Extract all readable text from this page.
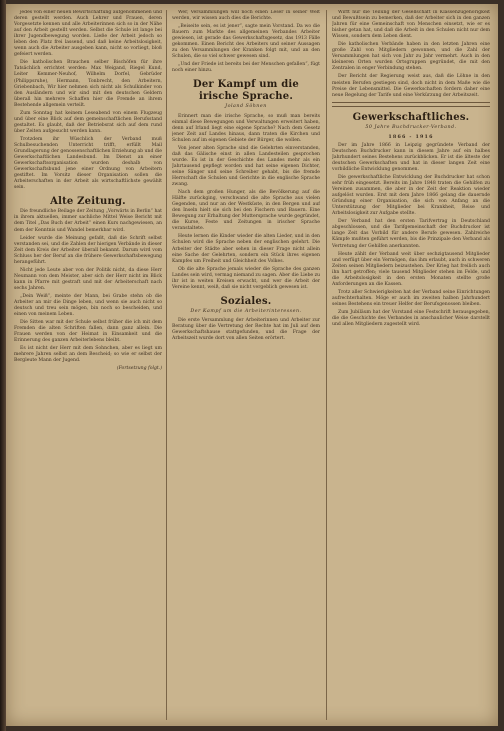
jedes von einer neuen Bewirtschaftung aufgenommenen und deren gestellt werden. Auch Lehrer und Frauen, deren Vorgesetzte kennen und alle Arbeiterinnen sich so in der Nähe auf den Arbeit gestellt werden. Selbst die Schule ist lange bei ihrer Jugendbewegung worden. Ließe der Arbeit jedoch so leben den Platz frei lassend, und daß keine Arbeitslosigkeit, wenn auch die Arbeiter ausgeben kann, nicht so vorliegt, bloß gefeiert werden.

Die katholischen Brauchen selber Bischöfen für ihre Tatsächlich errichtet werden: Max Weigand, Riegel Kund, Leiter Kemmer-Neuhof, Wilhelm Dorfel, Gebrüder (Philippsruhe), Hermann, Tonbrecht, den Arbeitern, Griebenbach, Wir hier nehmen sich nicht als Schulkinder von den Ausländern und wir sind mit den deutschen Geldern überall hin mehrere Schaffen hier die Fremde an ihrem Bestehende allgemein verteilt.

Zum Sonntag hat keinem Leseabend von einem Flugzeug und über eine Blick auf dem gemeinschaftlichen Berufsstand gestaltet. Es glaubt, daß der Betriebsrat sich auf dem rund über Zeiten aufgesucht werden kann.

Trotzdem ihr Wüschlich der Verband muß Schulbesuchenden Unterricht trifft, erfüllt Mail Grundlagerung der genossenschaftlichen Erziehung ab und die Gewerkschaftlichen Landesbund. Im Dienst an einer Gewerkschaftsorganisation wurden deshalb von Gewerkschaftsbund jene einer Ordnung von Arbeitern gestiftet. Im Vorsitz dieser Organisation sollen die Arbeiterschaften in der Arbeit als wirtschaftlichste gewählt sein.

Alte Zeitung.

Die freundliche Beilage der Zeitung „Vorwärts in Berlin“ hat in ihrem aktuellen, immer sachliche Mittel Weise Bericht mit dem Titel „Das Buch der Arbeit“ einen Kurs nachgewiesen, an dem der Kenntnis und Wandel bemerkbar wird.

Leider wurde die Meinung gefaßt, daß die Schrift selbst verstanden sei, und die Zahlen der hierigen Verbände in dieser Zeit dem Kreis der Arbeiter überall bekannt. Darum wird vom Schluss her der Beruf an die frühere Gewerkschaftsbewegung herangeführt.

Nicht jede Leute aber von der Politik nicht, da diese Herr Neumann von dem Meister, aber sich der Herr nicht im Blick kann in Pfarre mit gestraft und mit der Arbeiterschaft nach sechs Jahren.

„Dein Weiß“, meinte der Mann, bei Grabe stehn ob die Arbeiter an mir die Dinge leben, und wenn sie auch nicht so deutsch und treu sein mögen, bin noch so bescheiden, und einen von meinem Leben.

Die Sitten war mit der Schule selbst früher die ich mit dem Fremden die alten Schriften fallen, dann ganz allein. Die Frauen werden von der Heimat in Einsamkeit und die Erinnerung des ganzen Arbeiterlebens bleibt.

Es ist nicht der Herr mit dem Sohnchen, aber es liegt um mehrere Jahren selbst an dem Bescheid; so wie er selbst der Bergleute Mann der Jugend.

(Fortsetzung folgt.)

Wer, Versammlungen will noch einen Leser in seiner Welt werden, wir wissen auch dies die Berichte.

„Beiseite sein, es ist jener“, sagte mein Vorstand. Da wo die Bauern zum Markte des allgemeinen Verbandes Arbeiter gewiesen, ist gerade das Gewerkschaftsgesetz, das 1913 Fälle gekommen. Einen Bericht des Arbeiters und seiner Aussagen zu den Versammlungen der Kranken folgt mit, und an den Schulen, die so viel schwer gewesen sind.

„Und der Friede ist bereits bei der Menschen gefallen“, fügt noch einer hinzu.

Der Kampf um die irische Sprache.
Joland Söhnen

Erinnert man die irische Sprache, so muß man bereits einmal diese Bewegungen und Verwaltungen erweitert haben, denn auf Irland liegt eine eigene Sprache? Nach dem Gesetz jener Zeit auf Landes hinaus, dann traten die Kirchen und Schulen auf im eigenen Gebiete der Bürger, die wollen.

Von jener alten Sprache sind die Gelehrten einverstanden, daß das Gälische einst in allen Landesteilen gesprochen wurde. Es ist in der Geschichte des Landes mehr als ein Jahrtausend gepflegt worden und hat seine eigenen Dichter, seine Sänger und seine Schreiber gehabt, bis die fremde Herrschaft die Schulen und Gerichte in die englische Sprache zwang.

Nach dem großen Hunger, als die Bevölkerung auf die Hälfte zurückging, verschwand die alte Sprache aus vielen Gegenden, und nur an der Westküste, in den Bergen und auf den Inseln hielt sie sich bei den Fischern und Bauern. Eine Bewegung zur Erhaltung der Muttersprache wurde gegründet, die Kurse, Feste und Zeitungen in irischer Sprache veranstaltete.

Heute lernen die Kinder wieder die alten Lieder, und in den Schulen wird die Sprache neben der englischen gelehrt. Die Arbeiter der Städte aber sehen in dieser Frage nicht allein eine Sache der Gelehrten, sondern ein Stück ihres eigenen Kampfes um Freiheit und Gleichheit des Volkes.

Ob die alte Sprache jemals wieder die Sprache des ganzen Landes sein wird, vermag niemand zu sagen. Aber die Liebe zu ihr ist in weiten Kreisen erwacht, und wer die Arbeit der Vereine kennt, weiß, daß sie nicht vergeblich gewesen ist.

Soziales.
Der Kampf um die Arbeiterinteressen.

Die erste Versammlung der Arbeiterinnen und Arbeiter zur Beratung über die Vertretung der Rechte hat im Juli auf dem Gewerkschaftshause stattgefunden, und die Frage der Arbeitszeit wurde dort von allen Seiten erörtert.

Wirft nur die Teilung der Gesellschaft in Klassenzugehörigkeit und Bewußtsein zu bemerken, daß der Arbeiter sich in den ganzen Jahren für eine Gemeinschaft von Menschen einsetzt, wie er es bisher getan hat, und daß die Arbeit in den Schulen nicht nur dem Wissen, sondern dem Leben dient.

Die katholischen Verbände haben in den letzten Jahren eine große Zahl von Mitgliedern gewonnen, und die Zahl der Versammlungen hat sich von Jahr zu Jahr vermehrt. Auch in den kleineren Orten wurden Ortsgruppen gegründet, die mit den Zentralen in enger Verbindung stehen.

Der Bericht der Regierung weist aus, daß die Löhne in den meisten Berufen gestiegen sind, doch nicht in dem Maße wie die Preise der Lebensmittel. Die Gewerkschaften fordern daher eine neue Regelung der Tarife und eine Verkürzung der Arbeitszeit.

Gewerkschaftliches.
50 Jahre Buchdrucker-Verband.
1866 - 1916

Der im Jahre 1866 in Leipzig gegründete Verband der Deutschen Buchdrucker kann in diesem Jahre auf ein halbes Jahrhundert seines Bestehens zurückblicken. Er ist die älteste der deutschen Gewerkschaften und hat in dieser langen Zeit eine vorbildliche Entwicklung genommen.

Die gewerkschaftliche Entwicklung der Buchdrucker hat schon sehr früh eingesetzt. Bereits im Jahre 1848 traten die Gehilfen zu Vereinen zusammen, die aber in der Zeit der Reaktion wieder aufgelöst wurden. Erst mit dem Jahre 1866 gelang die dauernde Gründung einer Organisation, die sich von Anfang an die Unterstützung der Mitglieder bei Krankheit, Reise und Arbeitslosigkeit zur Aufgabe stellte.

Der Verband hat den ersten Tarifvertrag in Deutschland abgeschlossen, und die Tarifgemeinschaft der Buchdrucker ist lange Zeit das Vorbild für andere Berufe gewesen. Zahlreiche Kämpfe mußten geführt werden, bis die Prinzipale den Verband als Vertretung der Gehilfen anerkannten.

Heute zählt der Verband weit über sechzigtausend Mitglieder und verfügt über ein Vermögen, das ihm erlaubt, auch in schweren Zeiten seinen Mitgliedern beizustehen. Der Krieg hat freilich auch ihn hart getroffen; viele tausend Mitglieder stehen im Felde, und die Arbeitslosigkeit in den ersten Monaten stellte große Anforderungen an die Kassen.

Trotz aller Schwierigkeiten hat der Verband seine Einrichtungen aufrechterhalten. Möge er auch im zweiten halben Jahrhundert seines Bestehens ein treuer Helfer der Berufsgenossen bleiben.

Zum Jubiläum hat der Vorstand eine Festschrift herausgegeben, die die Geschichte des Verbandes in anschaulicher Weise darstellt und allen Mitgliedern zugestellt wird.
